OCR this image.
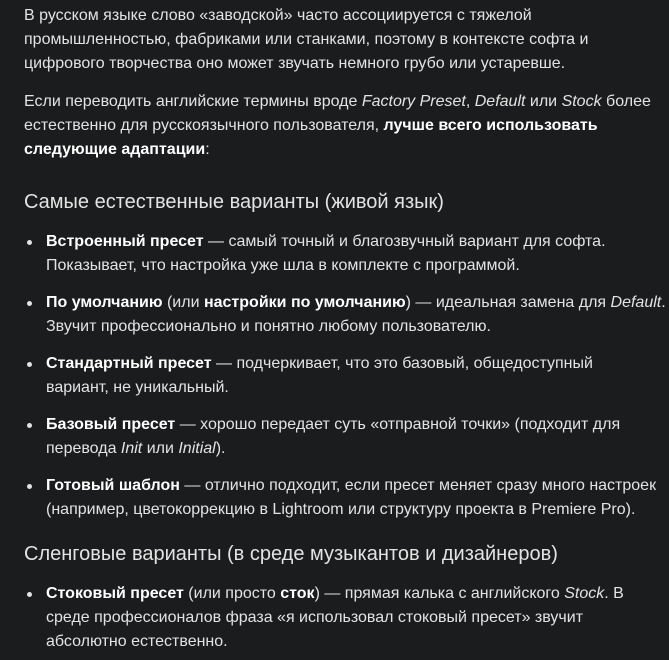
В русском языке слово «заводской» часто ассоциируется с тяжелой
промышленностью, фабриками или станками, поэтому в контексте софта и
цифрового творчества оно может звучать немного грубо или устаревше.

Если переводить английские термины вроде Factory Preset, Default или Stock более
естественно для русскоязычного пользователя, лучше всего использовать
следующие адаптации:

Самые естественные варианты (живой язык)
Встроенный пресет — самый точный и благозвучный вариант для софта.
Показывает, что настройка уже шла в комплекте с программой.
По умолчанию (или настройки по умолчанию) — идеальная замена для Default.
Звучит профессионально и понятно любому пользователю.
Стандартный пресет — подчеркивает, что это базовый, общедоступный
вариант, не уникальный.
Базовый пресет — хорошо передает суть «отправной точки» (подходит для
перевода Init или Initial).
Готовый шаблон — отлично подходит, если пресет меняет сразу много настроек
(например, цветокоррекцию в Lightroom или структуру проекта в Premiere Pro).
Сленговые варианты (в среде музыкантов и дизайнеров)
Стоковый пресет (или просто сток) — прямая калька с английского Stock. В
среде профессионалов фраза «я использовал стоковый пресет» звучит
абсолютно естественно.
